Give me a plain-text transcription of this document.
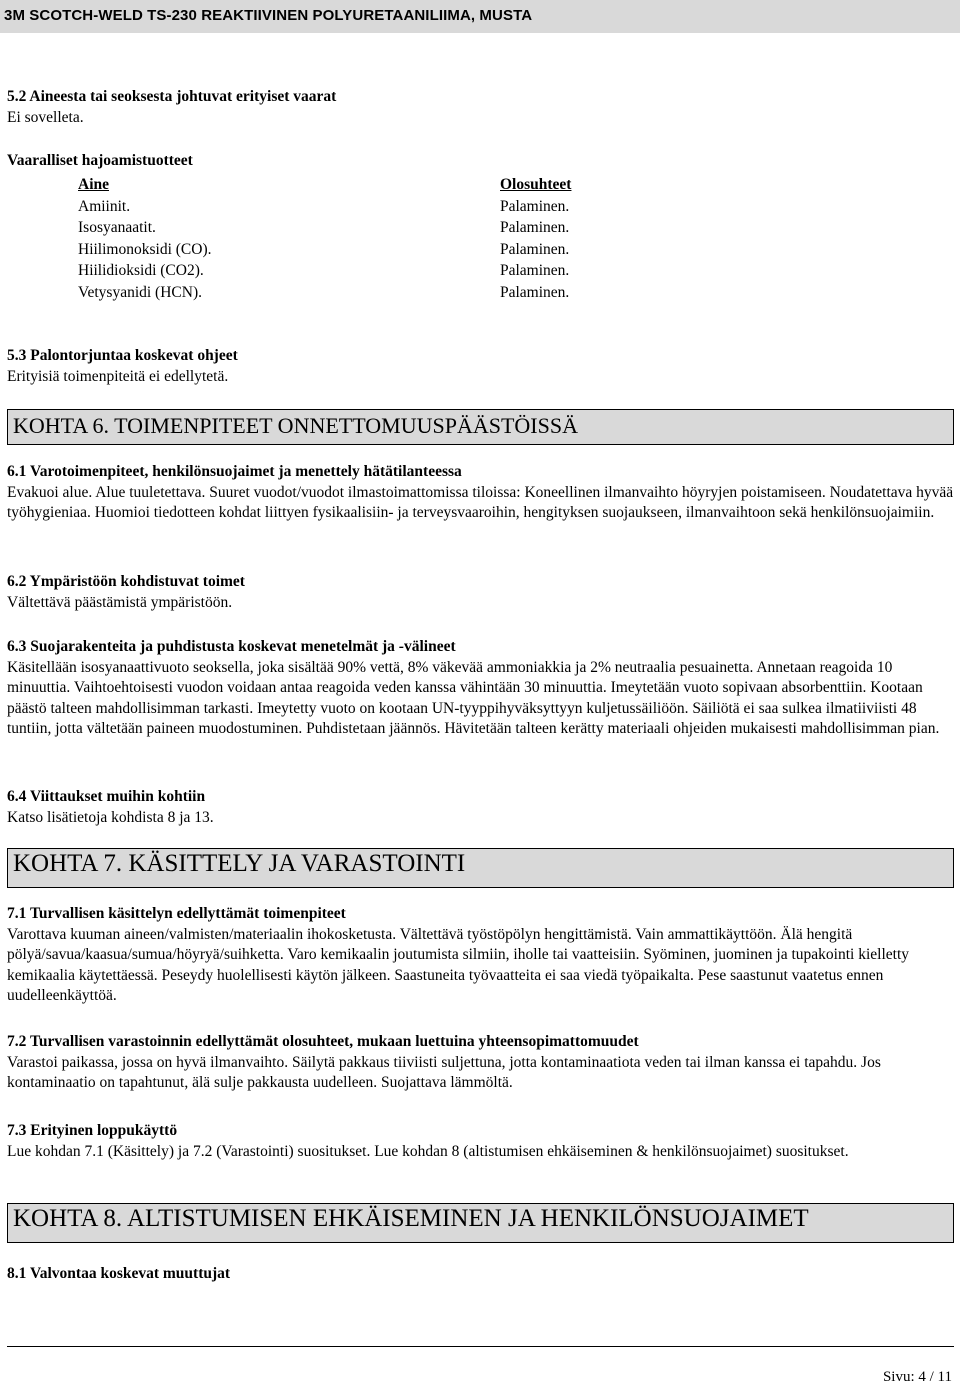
3M SCOTCH-WELD TS-230 REAKTIIVINEN POLYURETAANILIIMA, MUSTA
5.2 Aineesta tai seoksesta johtuvat erityiset vaarat
Ei sovelleta.
Vaaralliset hajoamistuotteet
Aine
Amiinit.
Isosyanaatit.
Hiilimonoksidi (CO).
Hiilidioksidi (CO2).
Vetysyanidi (HCN).
Olosuhteet
Palaminen.
Palaminen.
Palaminen.
Palaminen.
Palaminen.
5.3 Palontorjuntaa koskevat ohjeet
Erityisiä toimenpiteitä ei edellytetä.
KOHTA 6. TOIMENPITEET ONNETTOMUUSPÄÄSTÖISSÄ
6.1 Varotoimenpiteet, henkilönsuojaimet ja menettely hätätilanteessa
Evakuoi alue. Alue tuuletettava. Suuret vuodot/vuodot ilmastoimattomissa tiloissa: Koneellinen ilmanvaihto höyryjen poistamiseen. Noudatettava hyvää työhygieniaa. Huomioi tiedotteen kohdat liittyen fysikaalisiin- ja terveysvaaroihin, hengityksen suojaukseen, ilmanvaihtoon sekä henkilönsuojaimiin.
6.2 Ympäristöön kohdistuvat toimet
Vältettävä päästämistä ympäristöön.
6.3 Suojarakenteita ja puhdistusta koskevat menetelmät ja -välineet
Käsitellään isosyanaattivuoto seoksella, joka sisältää 90% vettä, 8% väkevää ammoniakkia ja 2% neutraalia pesuainetta. Annetaan reagoida 10 minuuttia. Vaihtoehtoisesti vuodon voidaan antaa reagoida veden kanssa vähintään 30 minuuttia. Imeytetään vuoto sopivaan absorbenttiin. Kootaan päästö talteen mahdollisimman tarkasti. Imeytetty vuoto on kootaan UN-tyyppihyväksyttyyn kuljetussäiliöön. Säiliötä ei saa sulkea ilmatiiviisti 48 tuntiin, jotta vältetään paineen muodostuminen. Puhdistetaan jäännös. Hävitetään talteen kerätty materiaali ohjeiden mukaisesti mahdollisimman pian.
6.4 Viittaukset muihin kohtiin
Katso lisätietoja kohdista 8 ja 13.
KOHTA 7. KÄSITTELY JA VARASTOINTI
7.1 Turvallisen käsittelyn edellyttämät toimenpiteet
Varottava kuuman aineen/valmisten/materiaalin ihokosketusta. Vältettävä työstöpölyn hengittämistä. Vain ammattikäyttöön. Älä hengitä pölyä/savua/kaasua/sumua/höyryä/suihketta. Varo kemikaalin joutumista silmiin, iholle tai vaatteisiin. Syöminen, juominen ja tupakointi kielletty kemikaalia käytettäessä. Peseydy huolellisesti käytön jälkeen. Saastuneita työvaatteita ei saa viedä työpaikalta. Pese saastunut vaatetus ennen uudelleenkäyttöä.
7.2 Turvallisen varastoinnin edellyttämät olosuhteet, mukaan luettuina yhteensopimattomuudet
Varastoi paikassa, jossa on hyvä ilmanvaihto. Säilytä pakkaus tiiviisti suljettuna, jotta kontaminaatiota veden tai ilman kanssa ei tapahdu. Jos kontaminaatio on tapahtunut, älä sulje pakkausta uudelleen. Suojattava lämmöltä.
7.3 Erityinen loppukäyttö
Lue kohdan 7.1 (Käsittely) ja 7.2 (Varastointi) suositukset. Lue kohdan 8 (altistumisen ehkäiseminen & henkilönsuojaimet) suositukset.
KOHTA 8. ALTISTUMISEN EHKÄISEMINEN JA HENKILÖNSUOJAIMET
8.1 Valvontaa koskevat muuttujat
Sivu: 4 / 11
